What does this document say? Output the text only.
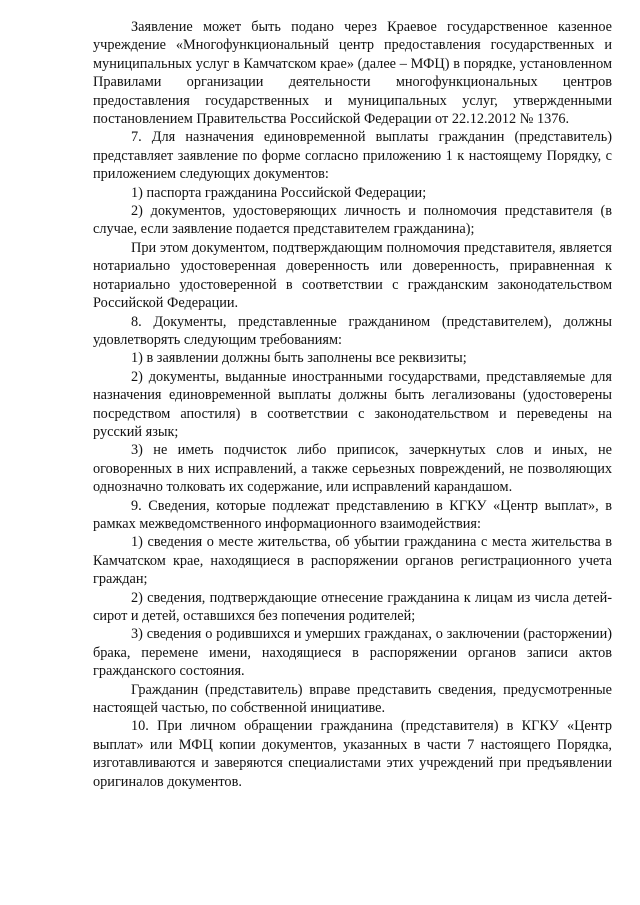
Заявление может быть подано через Краевое государственное казенное учреждение «Многофункциональный центр предоставления государственных и муниципальных услуг в Камчатском крае» (далее – МФЦ) в порядке, установленном Правилами организации деятельности многофункциональных центров предоставления государственных и муниципальных услуг, утвержденными постановлением Правительства Российской Федерации от 22.12.2012 № 1376.

7. Для назначения единовременной выплаты гражданин (представитель) представляет заявление по форме согласно приложению 1 к настоящему Порядку, с приложением следующих документов:

1) паспорта гражданина Российской Федерации;

2) документов, удостоверяющих личность и полномочия представителя (в случае, если заявление подается представителем гражданина);

При этом документом, подтверждающим полномочия представителя, является нотариально удостоверенная доверенность или доверенность, приравненная к нотариально удостоверенной в соответствии с гражданским законодательством Российской Федерации.

8. Документы, представленные гражданином (представителем), должны удовлетворять следующим требованиям:

1) в заявлении должны быть заполнены все реквизиты;

2) документы, выданные иностранными государствами, представляемые для назначения единовременной выплаты должны быть легализованы (удостоверены посредством апостиля) в соответствии с законодательством и переведены на русский язык;

3) не иметь подчисток либо приписок, зачеркнутых слов и иных, не оговоренных в них исправлений, а также серьезных повреждений, не позволяющих однозначно толковать их содержание, или исправлений карандашом.

9. Сведения, которые подлежат представлению в КГКУ «Центр выплат», в рамках межведомственного информационного взаимодействия:

1) сведения о месте жительства, об убытии гражданина с места жительства в Камчатском крае, находящиеся в распоряжении органов регистрационного учета граждан;

2) сведения, подтверждающие отнесение гражданина к лицам из числа детей-сирот и детей, оставшихся без попечения родителей;

3) сведения о родившихся и умерших гражданах, о заключении (расторжении) брака, перемене имени, находящиеся в распоряжении органов записи актов гражданского состояния.

Гражданин (представитель) вправе представить сведения, предусмотренные настоящей частью, по собственной инициативе.

10. При личном обращении гражданина (представителя) в КГКУ «Центр выплат» или МФЦ копии документов, указанных в части 7 настоящего Порядка, изготавливаются и заверяются специалистами этих учреждений при предъявлении оригиналов документов.
